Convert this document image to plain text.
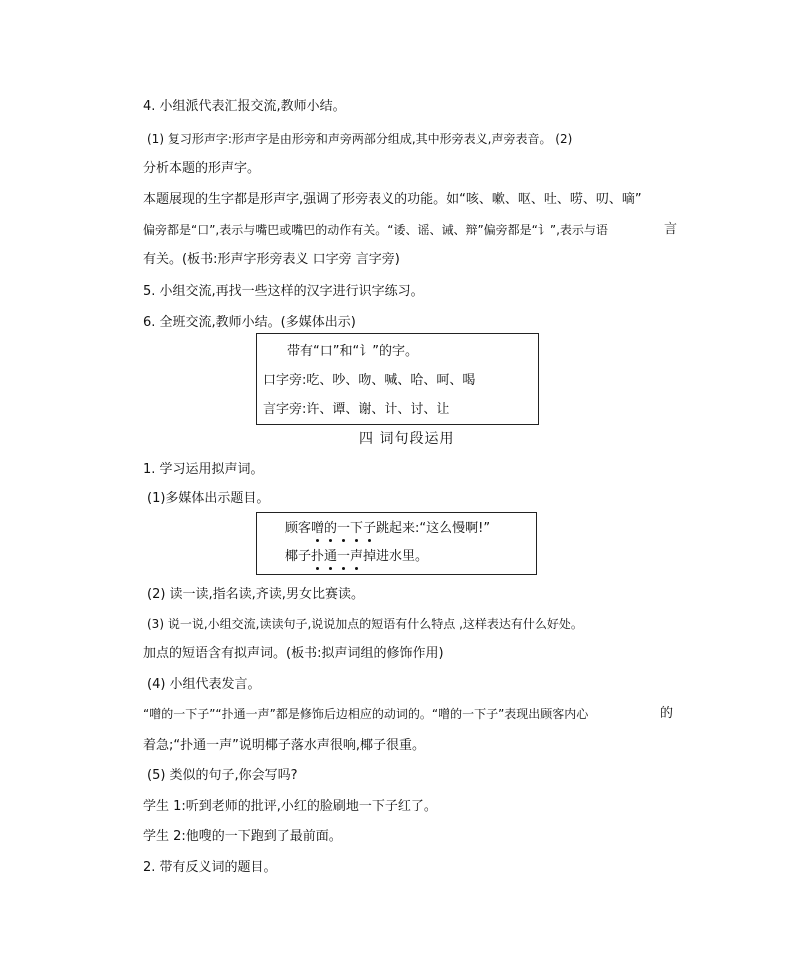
4. 小组派代表汇报交流,教师小结。
(1) 复习形声字:形声字是由形旁和声旁两部分组成,其中形旁表义,声旁表音。 (2)
分析本题的形声字。
本题展现的生字都是形声字,强调了形旁表义的功能。如“咳、嗽、呕、吐、唠、叨、嘀”
偏旁都是“口”,表示与嘴巴或嘴巴的动作有关。“诿、谣、诫、辩”偏旁都是“讠”,表示与语	言
有关。(板书:形声字形旁表义 口字旁 言字旁)
5. 小组交流,再找一些这样的汉字进行识字练习。
6. 全班交流,教师小结。(多媒体出示)
带有“口”和“讠”的字。
口字旁:吃、吵、吻、喊、哈、呵、喝
言字旁:许、谭、谢、计、讨、让
四 词句段运用
1. 学习运用拟声词。
(1)多媒体出示题目。
顾客噌的一下子
跳起来:“这么慢啊!”
椰子扑通一声
掉进水里。
(2) 读一读,指名读,齐读,男女比赛读。
(3) 说一说,小组交流,读读句子,说说加点的短语有什么特点 ,这样表达有什么好处。
加点的短语含有拟声词。(板书:拟声词组的修饰作用)
(4) 小组代表发言。
“噌的一下子”“扑通一声”都是修饰后边相应的动词的。“噌的一下子”表现出顾客内心	的
着急;“扑通一声”说明椰子落水声很响,椰子很重。
(5) 类似的句子,你会写吗?
学生 1:听到老师的批评,小红的脸刷地一下子红了。
学生 2:他嗖的一下跑到了最前面。
2. 带有反义词的题目。
